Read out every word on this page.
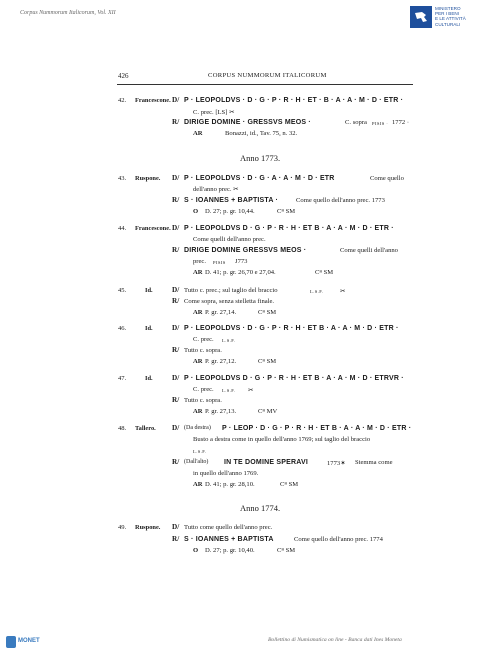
Corpus Nummorum Italicorum, Vol. XII
MINISTERO
PER I BENI
E LE ATTIVITÀ
CULTURALI
426	CORPUS NUMMORUM ITALICORUM
42. Francescone. D/ P · LEOPOLDVS · D · G · P · R · H · ET · B · A · A · M · D · ETR ·
C. prec. [LS] ✂
R/ DIRIGE DOMINE · GRESSVS MEOS ·	C. sopra PISIS · 1772 ·
AR	Bonazzi, id., Tav. 75, n. 32.
Anno 1773.
43. Ruspone. D/ P · LEOPOLDVS · D · G · A · A · M · D · ETR	Come quello
dell'anno prec. ✂
R/ S · IOANNES + BAPTISTA ·	Come quello dell'anno prec. 1773
O D. 27; p. gr. 10,44.	Cᴮ SM
44. Francescone. D/ P · LEOPOLDVS D · G · P · R · H · ET B · A · A · M · D · ETR ·
Come quelli dell'anno prec.
R/ DIRIGE DOMINE GRESSVS MEOS ·	Come quelli dell'anno
prec. PISIS J773
AR D. 41; p. gr. 26,70 e 27,04.	Cᴮ SM
45.	Id.	D/ Tutto c. prec.; sul taglio del braccio	L.S.F.	✂
R/ Come sopra, senza stelletta finale.
AR P. gr. 27,14.	Cᴮ SM
46.	Id.	D/ P · LEOPOLDVS · D · G · P · R · H · ET B · A · A · M · D · ETR ·
C. prec. L.S.F.
R/ Tutto c. sopra.
AR P. gr. 27,12.	Cᴮ SM
47.	Id.	D/ P · LEOPOLDVS D · G · P · R · H · ET B · A · A · M · D · ETRVR ·
C. prec. L.S.F. ✂
R/ Tutto c. sopra.
AR P. gr. 27,13.	Cᴮ MV
48. Tallero. D/ (Da destra) P · LEOP · D · G · P · R · H · ET B · A · A · M · D · ETR ·
Busto a destra come in quello dell'anno 1769; sul taglio del braccio
L.S.F.
R/ (Dall'alto) IN TE DOMINE SPERAVI	1773✶ Stemma come
in quello dell'anno 1769.
AR D. 41; p. gr. 28,10.	Cᴮ SM
Anno 1774.
49. Ruspone. D/ Tutto come quello dell'anno prec.
R/ S · IOANNES + BAPTISTA	Come quello dell'anno prec. 1774
O D. 27; p. gr. 10,40.	Cᴮ SM
MONET	Bollettino di Numismatica on line - Banca dati Ines Moneta
